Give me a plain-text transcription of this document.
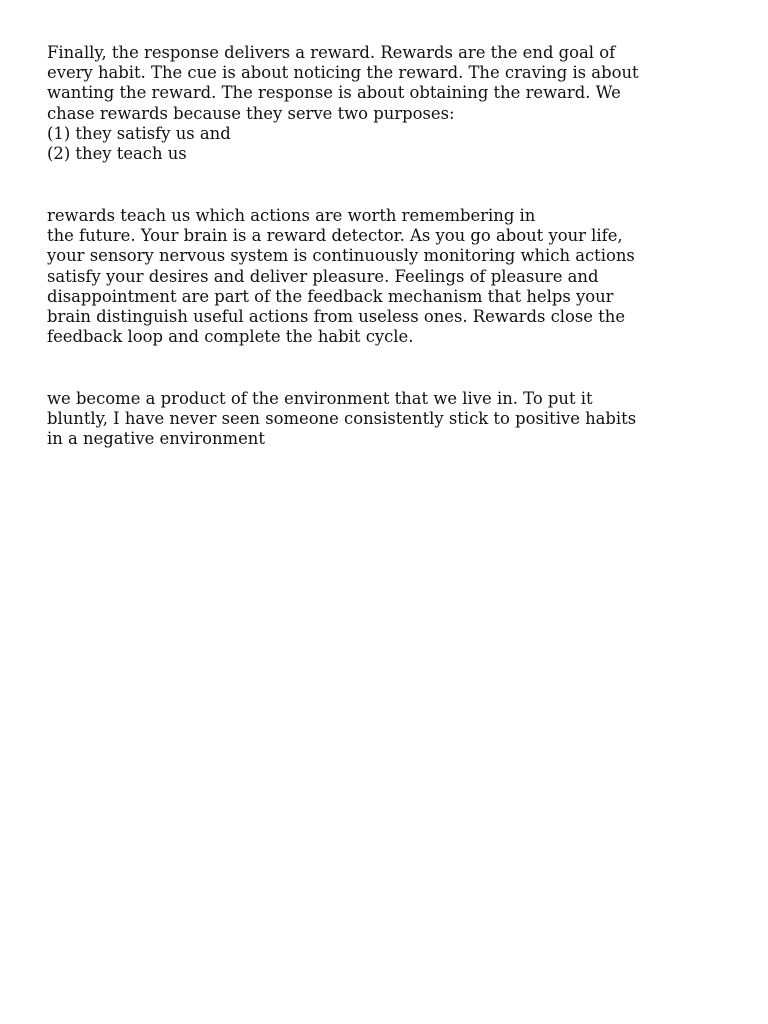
Finally, the response delivers a reward. Rewards are the end goal of
every habit. The cue is about noticing the reward. The craving is about
wanting the reward. The response is about obtaining the reward. We
chase rewards because they serve two purposes:
(1) they satisfy us and
(2) they teach us

rewards teach us which actions are worth remembering in
the future. Your brain is a reward detector. As you go about your life,
your sensory nervous system is continuously monitoring which actions
satisfy your desires and deliver pleasure. Feelings of pleasure and
disappointment are part of the feedback mechanism that helps your
brain distinguish useful actions from useless ones. Rewards close the
feedback loop and complete the habit cycle.

we become a product of the environment that we live in. To put it
bluntly, I have never seen someone consistently stick to positive habits
in a negative environment
